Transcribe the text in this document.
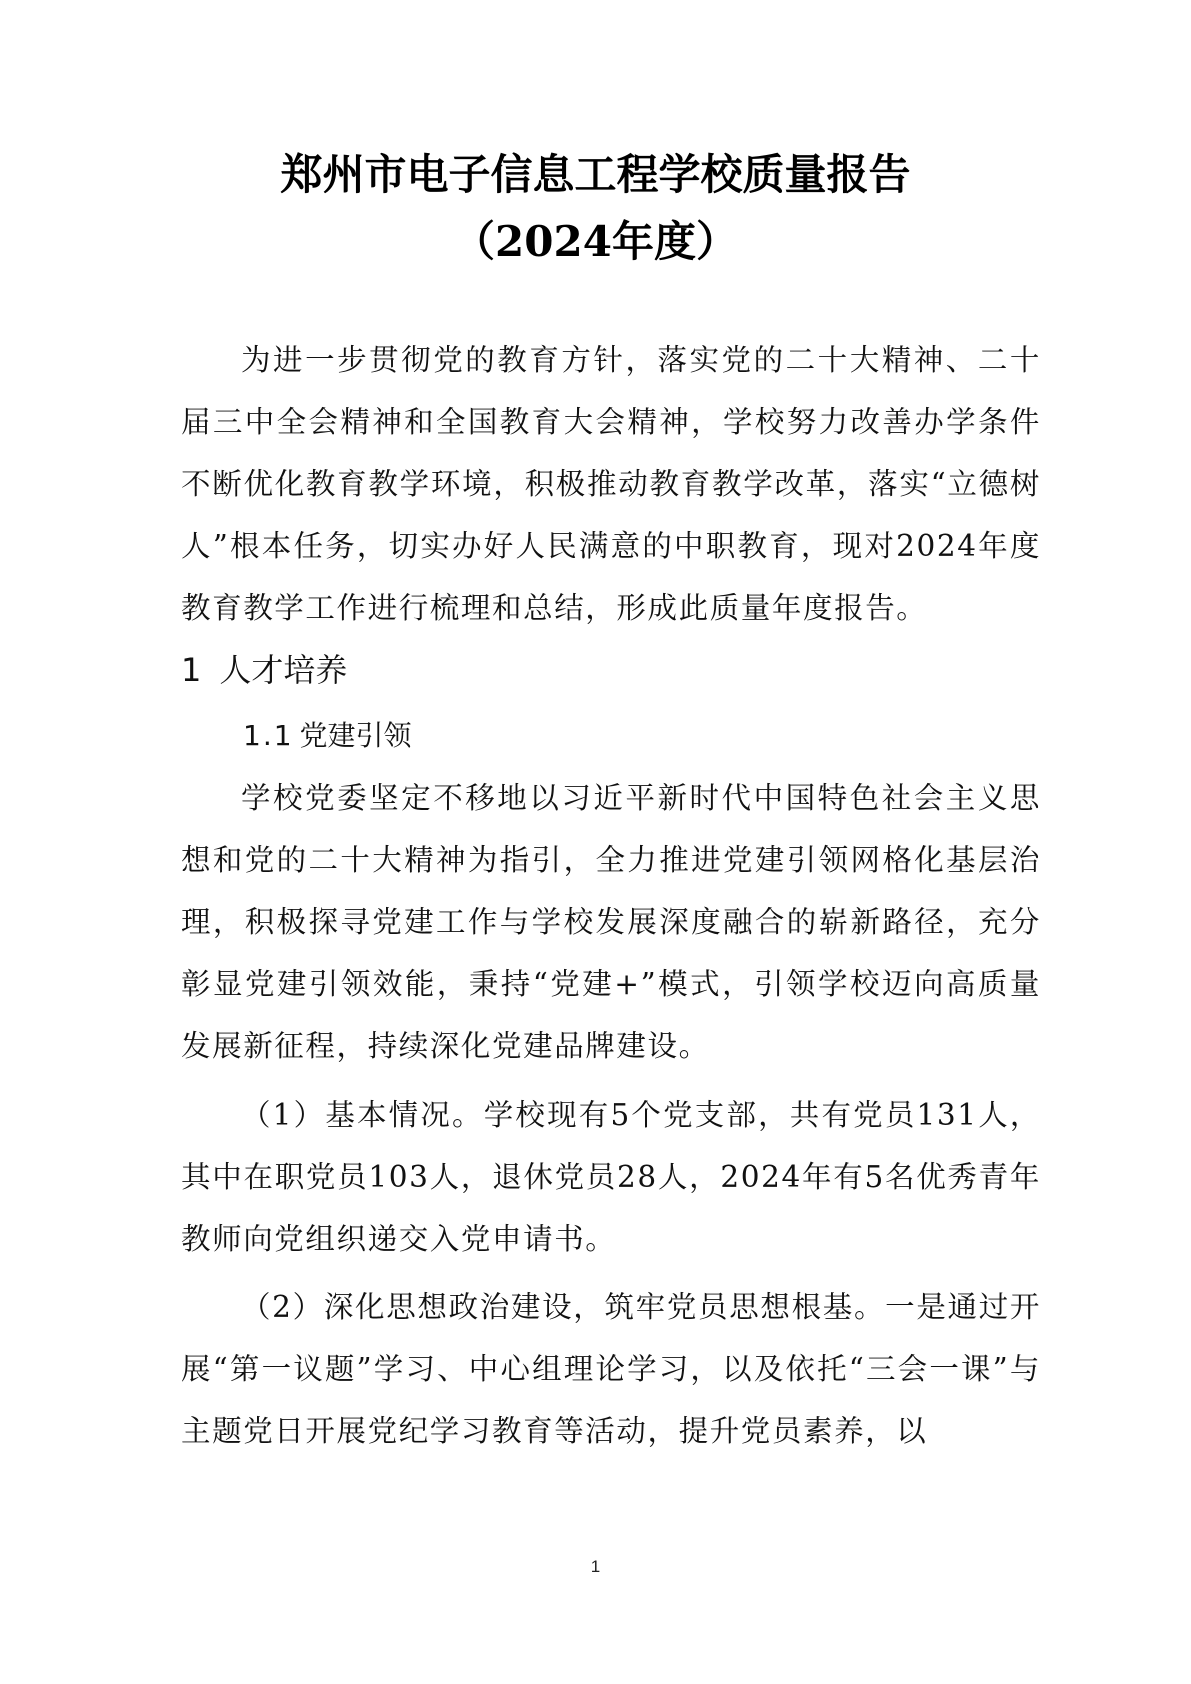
郑州市电子信息工程学校质量报告
（2024年度）

为进一步贯彻党的教育方针，落实党的二十大精神、二十届三中全会精神和全国教育大会精神，学校努力改善办学条件不断优化教育教学环境，积极推动教育教学改革，落实“立德树人”根本任务，切实办好人民满意的中职教育，现对2024年度教育教学工作进行梳理和总结，形成此质量年度报告。

1 人才培养
1.1 党建引领

学校党委坚定不移地以习近平新时代中国特色社会主义思想和党的二十大精神为指引，全力推进党建引领网格化基层治理，积极探寻党建工作与学校发展深度融合的崭新路径，充分彰显党建引领效能，秉持“党建+”模式，引领学校迈向高质量发展新征程，持续深化党建品牌建设。

（1）基本情况。学校现有5个党支部，共有党员131人，其中在职党员103人，退休党员28人，2024年有5名优秀青年教师向党组织递交入党申请书。

（2）深化思想政治建设，筑牢党员思想根基。一是通过开展“第一议题”学习、中心组理论学习，以及依托“三会一课”与主题党日开展党纪学习教育等活动，提升党员素养，以

1
